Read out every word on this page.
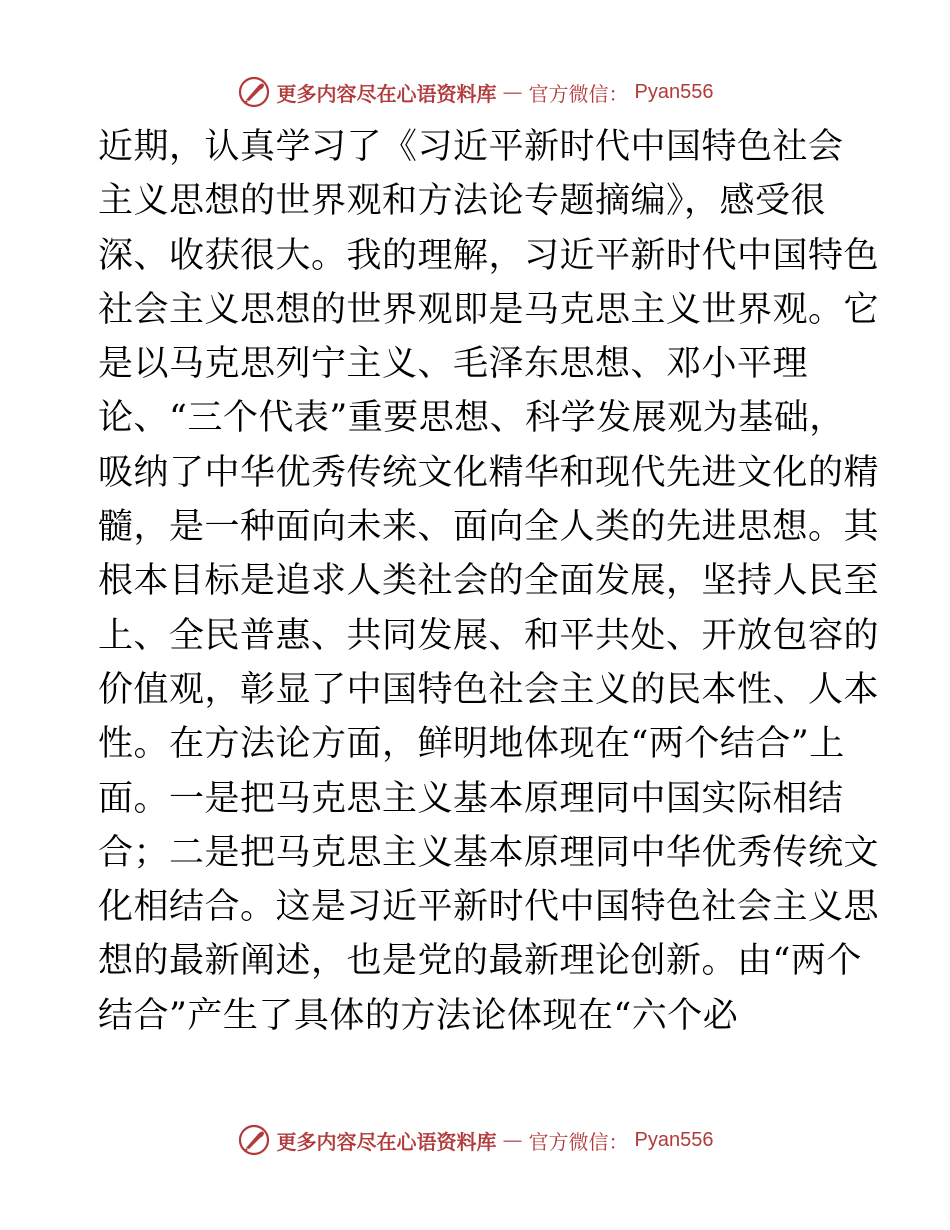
更多内容尽在心语资料库 — 官方微信： Pyan556
近期，认真学习了《习近平新时代中国特色社会
主义思想的世界观和方法论专题摘编》，感受很
深、收获很大。我的理解，习近平新时代中国特色
社会主义思想的世界观即是马克思主义世界观。它
是以马克思列宁主义、毛泽东思想、邓小平理
论、“三个代表”重要思想、科学发展观为基础，
吸纳了中华优秀传统文化精华和现代先进文化的精
髓，是一种面向未来、面向全人类的先进思想。其
根本目标是追求人类社会的全面发展，坚持人民至
上、全民普惠、共同发展、和平共处、开放包容的
价值观，彰显了中国特色社会主义的民本性、人本
性。在方法论方面，鲜明地体现在“两个结合”上
面。一是把马克思主义基本原理同中国实际相结
合；二是把马克思主义基本原理同中华优秀传统文
化相结合。这是习近平新时代中国特色社会主义思
想的最新阐述，也是党的最新理论创新。由“两个
结合”产生了具体的方法论体现在“六个必
更多内容尽在心语资料库 — 官方微信： Pyan556
